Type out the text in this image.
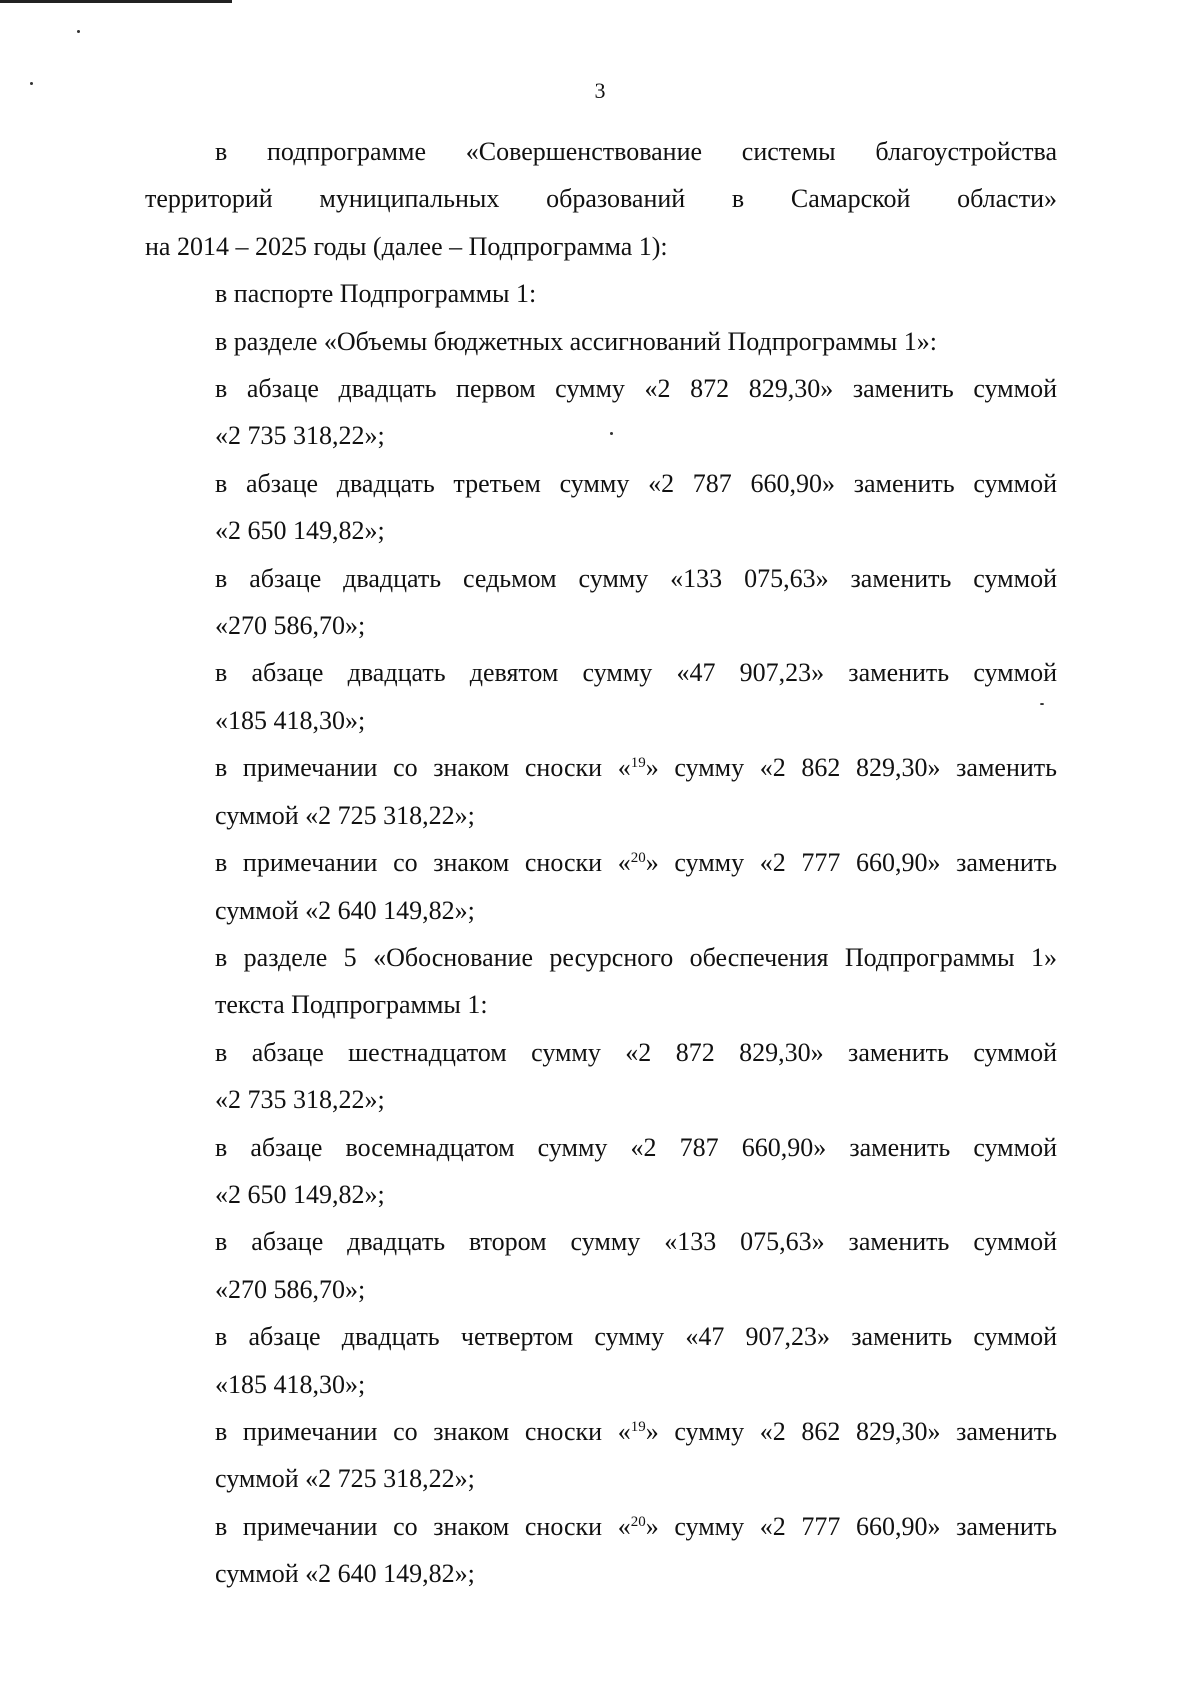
3

в подпрограмме «Совершенствование системы благоустройства
территорий муниципальных образований в Самарской области»
на 2014 – 2025 годы (далее – Подпрограмма 1):

в паспорте Подпрограммы 1:

в разделе «Объемы бюджетных ассигнований Подпрограммы 1»:

в абзаце двадцать первом сумму «2 872 829,30» заменить суммой
«2 735 318,22»;

в абзаце двадцать третьем сумму «2 787 660,90» заменить суммой
«2 650 149,82»;

в абзаце двадцать седьмом сумму «133 075,63» заменить суммой
«270 586,70»;

в абзаце двадцать девятом сумму «47 907,23» заменить суммой
«185 418,30»;

в примечании со знаком сноски «$^{19}$» сумму «2 862 829,30» заменить
суммой «2 725 318,22»;

в примечании со знаком сноски «$^{20}$» сумму «2 777 660,90» заменить
суммой «2 640 149,82»;

в разделе 5 «Обоснование ресурсного обеспечения Подпрограммы 1»
текста Подпрограммы 1:

в абзаце шестнадцатом сумму «2 872 829,30» заменить суммой
«2 735 318,22»;

в абзаце восемнадцатом сумму «2 787 660,90» заменить суммой
«2 650 149,82»;

в абзаце двадцать втором сумму «133 075,63» заменить суммой
«270 586,70»;

в абзаце двадцать четвертом сумму «47 907,23» заменить суммой
«185 418,30»;

в примечании со знаком сноски «$^{19}$» сумму «2 862 829,30» заменить
суммой «2 725 318,22»;

в примечании со знаком сноски «$^{20}$» сумму «2 777 660,90» заменить
суммой «2 640 149,82»;
